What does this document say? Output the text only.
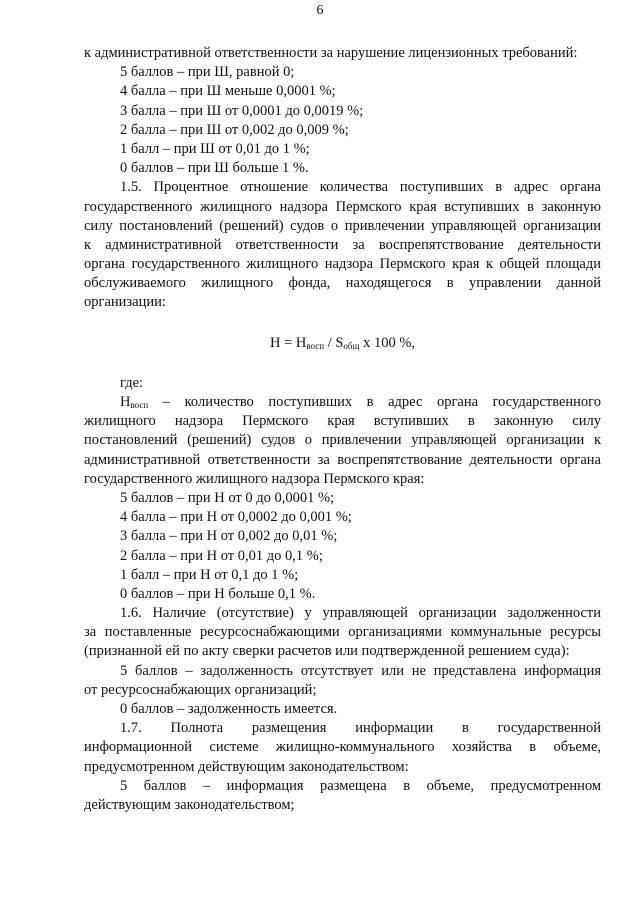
6
к административной ответственности за нарушение лицензионных требований:
5 баллов – при Ш, равной 0;
4 балла – при Ш меньше 0,0001 %;
3 балла – при Ш от 0,0001 до 0,0019 %;
2 балла – при Ш от 0,002 до 0,009 %;
1 балл – при Ш от 0,01 до 1 %;
0 баллов – при Ш больше 1 %.
1.5. Процентное отношение количества поступивших в адрес органа
государственного жилищного надзора Пермского края вступивших в законную
силу постановлений (решений) судов о привлечении управляющей организации
к административной ответственности за воспрепятствование деятельности
органа государственного жилищного надзора Пермского края к общей площади
обслуживаемого жилищного фонда, находящегося в управлении данной
организации:
$H = H_{восп} / S_{общ}$ х 100 %,
где:
$H_{восп}$ – количество поступивших в адрес органа государственного
жилищного надзора Пермского края вступивших в законную силу
постановлений (решений) судов о привлечении управляющей организации к
административной ответственности за воспрепятствование деятельности органа
государственного жилищного надзора Пермского края:
5 баллов – при Н от 0 до 0,0001 %;
4 балла – при Н от 0,0002 до 0,001 %;
3 балла – при Н от 0,002 до 0,01 %;
2 балла – при Н от 0,01 до 0,1 %;
1 балл – при Н от 0,1 до 1 %;
0 баллов – при Н больше 0,1 %.
1.6. Наличие (отсутствие) у управляющей организации задолженности
за поставленные ресурсоснабжающими организациями коммунальные ресурсы
(признанной ей по акту сверки расчетов или подтвержденной решением суда):
5 баллов – задолженность отсутствует или не представлена информация
от ресурсоснабжающих организаций;
0 баллов – задолженность имеется.
1.7. Полнота размещения информации в государственной
информационной системе жилищно-коммунального хозяйства в объеме,
предусмотренном действующим законодательством:
5 баллов – информация размещена в объеме, предусмотренном
действующим законодательством;
